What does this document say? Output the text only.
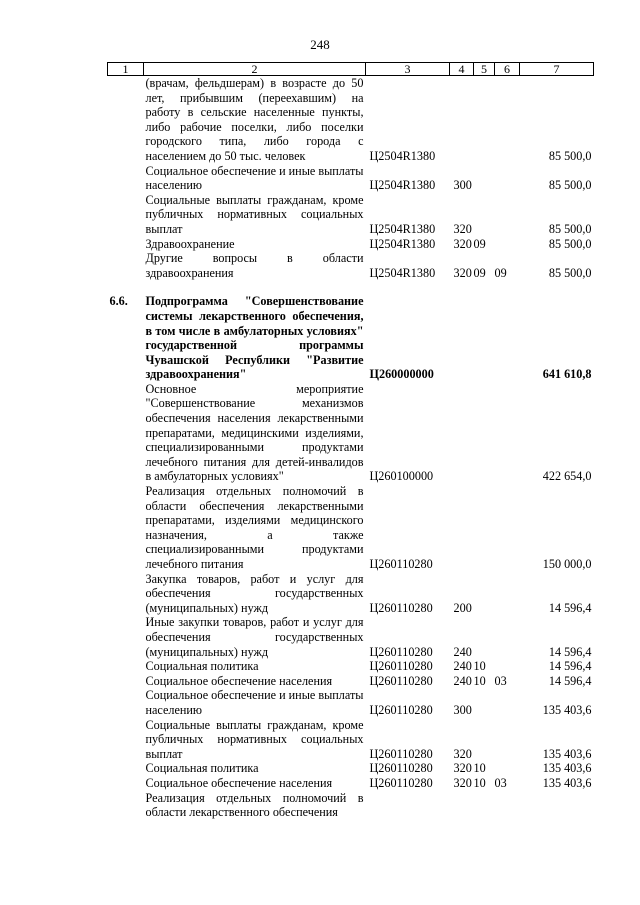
248
1	2	3	4	5	6	7
	(врачам, фельдшерам) в возрасте до 50 лет, прибывшим (переехавшим) на работу в сельские населенные пункты, либо рабочие поселки, либо поселки городского типа, либо города с населением до 50 тыс. человек	Ц2504R1380				85 500,0
	Социальное обеспечение и иные выплаты населению	Ц2504R1380	300			85 500,0
	Социальные выплаты гражданам, кроме публичных нормативных социальных выплат	Ц2504R1380	320			85 500,0
	Здравоохранение	Ц2504R1380	320	09		85 500,0
	Другие вопросы в области здравоохранения	Ц2504R1380	320	09	09	85 500,0

6.6.	Подпрограмма "Совершенствование системы лекарственного обеспечения, в том числе в амбулаторных условиях" государственной программы Чувашской Республики "Развитие здравоохранения"	Ц260000000				641 610,8
	Основное мероприятие "Совершенствование механизмов обеспечения населения лекарственными препаратами, медицинскими изделиями, специализированными продуктами лечебного питания для детей-инвалидов в амбулаторных условиях"	Ц260100000				422 654,0
	Реализация отдельных полномочий в области обеспечения лекарственными препаратами, изделиями медицинского назначения, а также специализированными продуктами лечебного питания	Ц260110280				150 000,0
	Закупка товаров, работ и услуг для обеспечения государственных (муниципальных) нужд	Ц260110280	200			14 596,4
	Иные закупки товаров, работ и услуг для обеспечения государственных (муниципальных) нужд	Ц260110280	240			14 596,4
	Социальная политика	Ц260110280	240	10		14 596,4
	Социальное обеспечение населения	Ц260110280	240	10	03	14 596,4
	Социальное обеспечение и иные выплаты населению	Ц260110280	300			135 403,6
	Социальные выплаты гражданам, кроме публичных нормативных социальных выплат	Ц260110280	320			135 403,6
	Социальная политика	Ц260110280	320	10		135 403,6
	Социальное обеспечение населения	Ц260110280	320	10	03	135 403,6
	Реализация отдельных полномочий в области лекарственного обеспечения					
